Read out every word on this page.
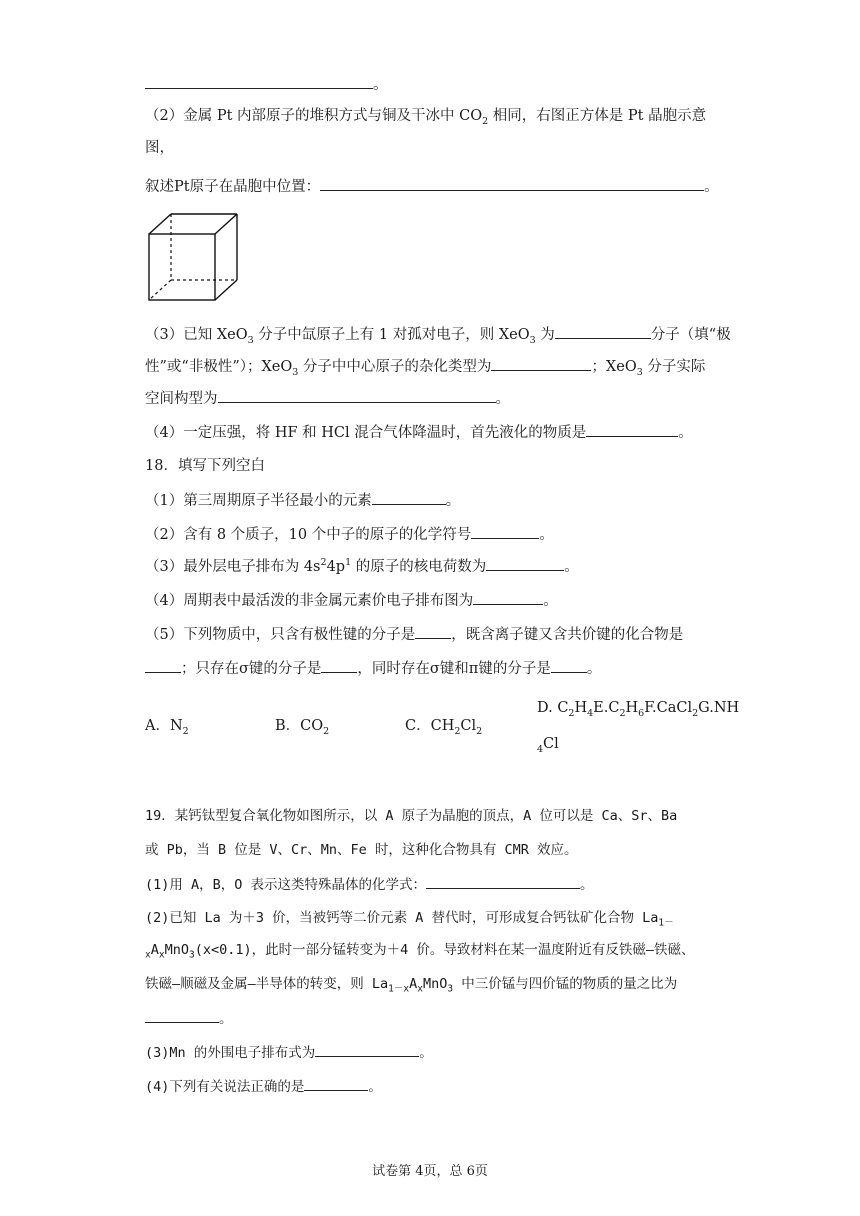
。
（2）金属 Pt 内部原子的堆积方式与铜及干冰中 $CO_2$ 相同，右图正方体是 Pt 晶胞示意
图，
叙述Pt原子在晶胞中位置：	。
（3）已知 XeO$_3$ 分子中氙原子上有 1 对孤对电子，则 XeO$_3$ 为	分子（填“极
性”或“非极性”）；XeO$_3$ 分子中中心原子的杂化类型为	；XeO$_3$ 分子实际
空间构型为	。
（4）一定压强，将 HF 和 HCl 混合气体降温时，首先液化的物质是	。
18．填写下列空白
（1）第三周期原子半径最小的元素	。
（2）含有 8 个质子，10 个中子的原子的化学符号	。
（3）最外层电子排布为 $4s^24p^1$ 的原子的核电荷数为	。
（4）周期表中最活泼的非金属元素价电子排布图为	。
（5）下列物质中，只含有极性键的分子是 ，既含离子键又含共价键的化合物是
；只存在σ键的分子是 ，同时存在σ键和π键的分子是 。
A．$N_2$	B．$CO_2$	C．$CH_2Cl_2$
D. $C_2H_4E.C_2H_6F.CaCl_2G.NH$
$_4$Cl
19．某钙钛型复合氧化物如图所示，以 A 原子为晶胞的顶点，A 位可以是 Ca、Sr、Ba
或 Pb，当 B 位是 V、Cr、Mn、Fe 时，这种化合物具有 CMR 效应。
(1)用 A，B，O 表示这类特殊晶体的化学式：	。
(2)已知 La 为＋3 价，当被钙等二价元素 A 替代时，可形成复合钙钛矿化合物 $La_{1-}$
$_xA_xMnO_3(x<0.1)$，此时一部分锰转变为＋4 价。导致材料在某一温度附近有反铁磁—铁磁、
铁磁—顺磁及金属—半导体的转变，则 $La_{1-x}A_xMnO_3$ 中三价锰与四价锰的物质的量之比为
。
(3)Mn 的外围电子排布式为	。
(4)下列有关说法正确的是	。
试卷第 4页，总 6页
